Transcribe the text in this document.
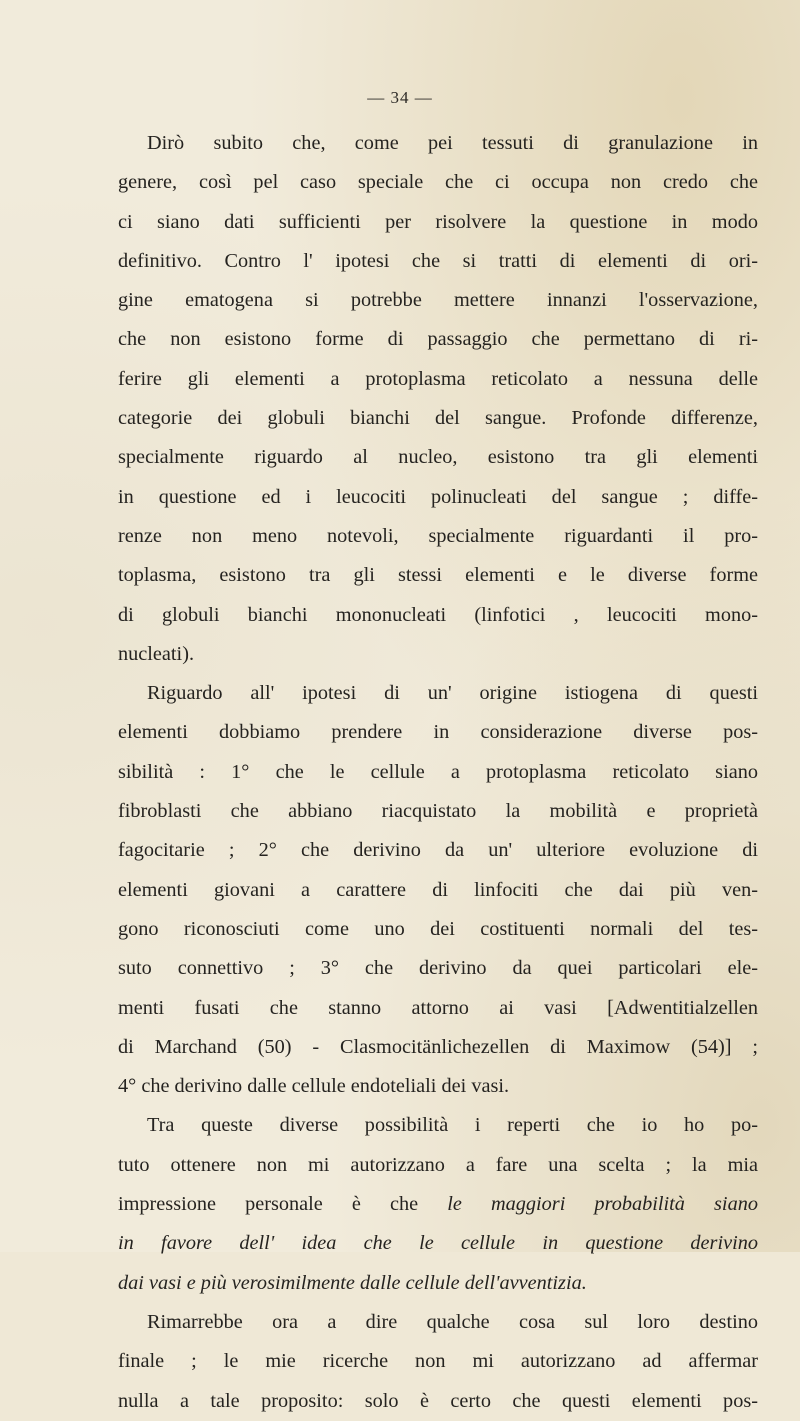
— 34 —
Dirò subito che, come pei tessuti di granulazione in
genere, così pel caso speciale che ci occupa non credo che
ci siano dati sufficienti per risolvere la questione in modo
definitivo. Contro l' ipotesi che si tratti di elementi di ori-
gine ematogena si potrebbe mettere innanzi l'osservazione,
che non esistono forme di passaggio che permettano di ri-
ferire gli elementi a protoplasma reticolato a nessuna delle
categorie dei globuli bianchi del sangue. Profonde differenze,
specialmente riguardo al nucleo, esistono tra gli elementi
in questione ed i leucociti polinucleati del sangue ; diffe-
renze non meno notevoli, specialmente riguardanti il pro-
toplasma, esistono tra gli stessi elementi e le diverse forme
di globuli bianchi mononucleati (linfotici , leucociti mono-
nucleati).
Riguardo all' ipotesi di un' origine istiogena di questi
elementi dobbiamo prendere in considerazione diverse pos-
sibilità : 1° che le cellule a protoplasma reticolato siano
fibroblasti che abbiano riacquistato la mobilità e proprietà
fagocitarie ; 2° che derivino da un' ulteriore evoluzione di
elementi giovani a carattere di linfociti che dai più ven-
gono riconosciuti come uno dei costituenti normali del tes-
suto connettivo ; 3° che derivino da quei particolari ele-
menti fusati che stanno attorno ai vasi [Adwentitialzellen
di Marchand (50) - Clasmocitänlichezellen di Maximow (54)] ;
4° che derivino dalle cellule endoteliali dei vasi.
Tra queste diverse possibilità i reperti che io ho po-
tuto ottenere non mi autorizzano a fare una scelta ; la mia
impressione personale è che le maggiori probabilità siano
in favore dell' idea che le cellule in questione derivino
dai vasi e più verosimilmente dalle cellule dell'avventizia.
Rimarrebbe ora a dire qualche cosa sul loro destino
finale ; le mie ricerche non mi autorizzano ad affermar
nulla a tale proposito: solo è certo che questi elementi pos-
